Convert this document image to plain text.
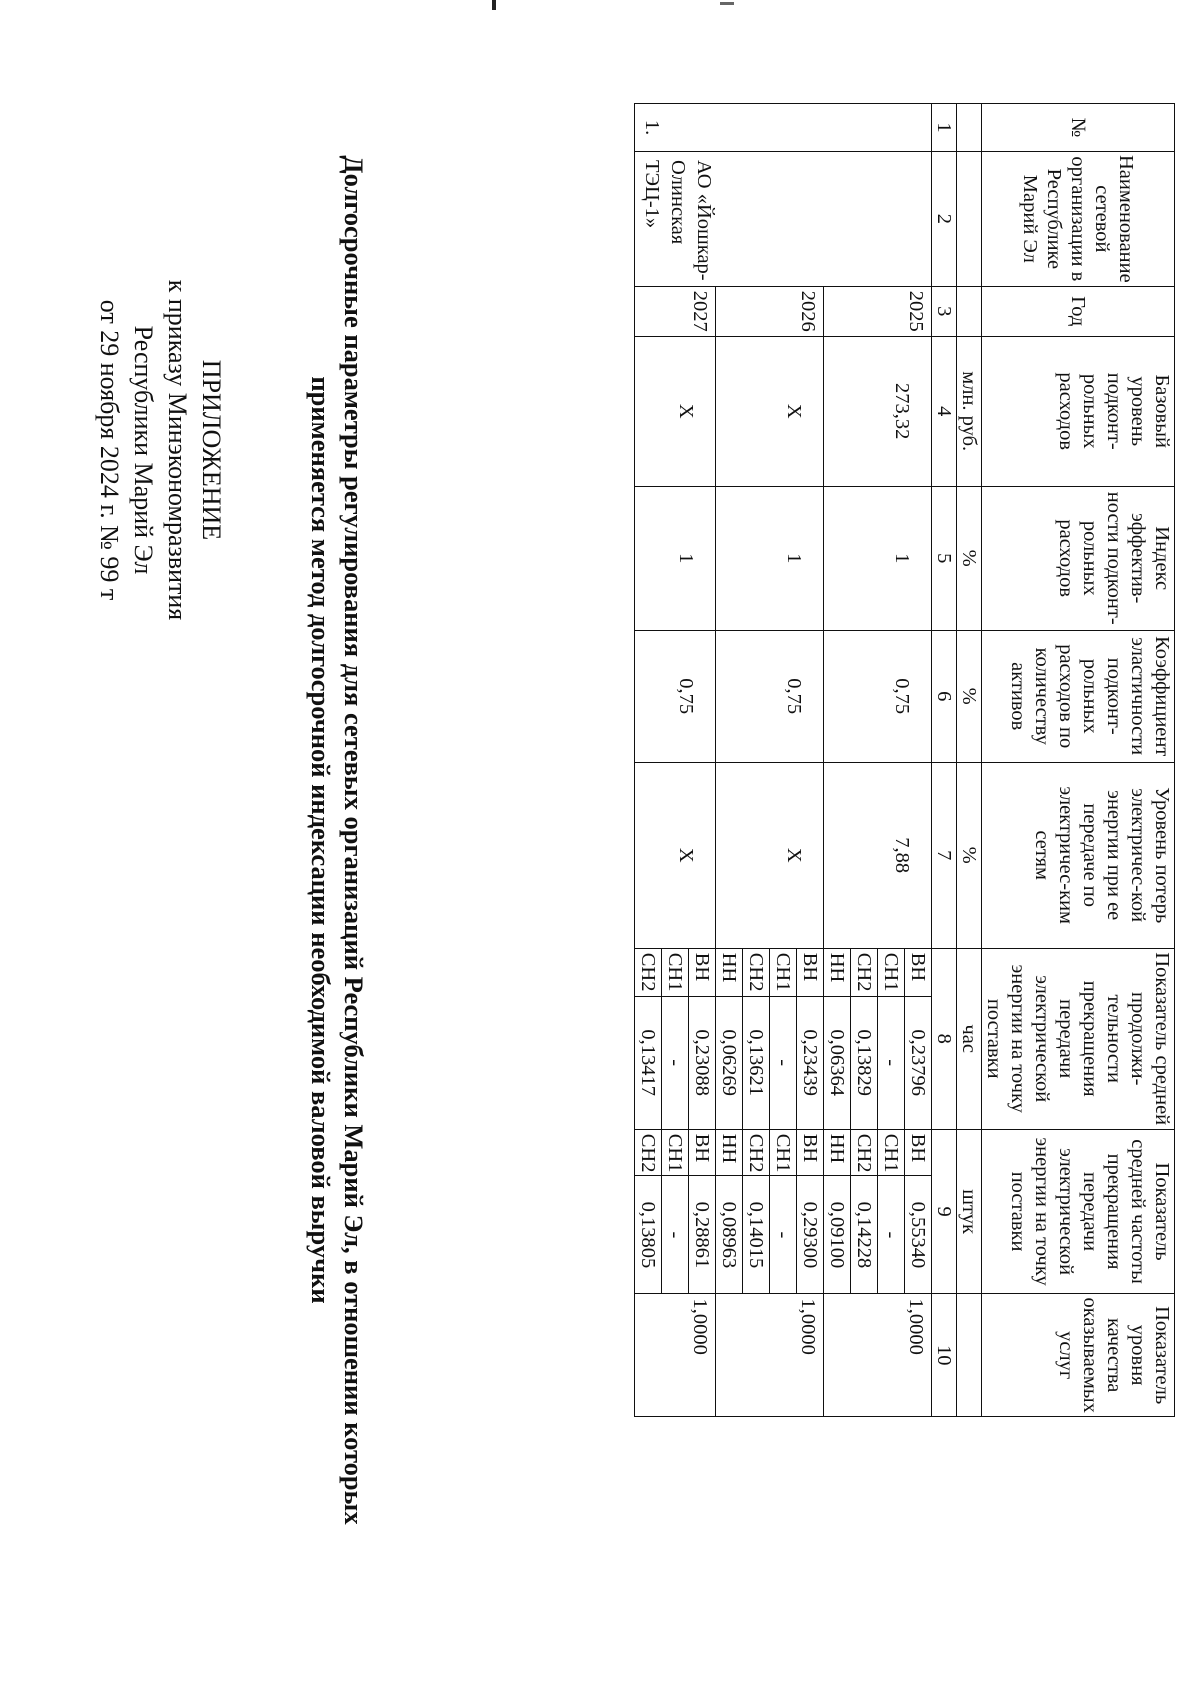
ПРИЛОЖЕНИЕ
к приказу Минэкономразвития
Республики Марий Эл
от 29 ноября 2024 г. № 99 т	Долгосрочные параметры регулирования для сетевых организаций Республики Марий Эл, в отношении которых
применяется метод долгосрочной индексации необходимой валовой выручки
№	Наименование сетевой организации в Республике Марий Эл	Год	Базовый уровень подконт-рольных расходов	Индекс эффектив-ности подконт-рольных расходов	Коэффициент эластичности подконт-рольных расходов по количеству активов	Уровень потерь электричес-кой энергии при ее передаче по электричес-ким сетям	Показатель средней продолжи-тельности прекращения передачи электрической энергии на точку поставки		Показатель средней частоты прекращения передачи электрической энергии на точку поставки		Показатель уровня качества оказываемых услуг
			млн. руб.	%	%	%	час		штук		
1	2	3	4	5	6	7	8		9		10
1.	АО «Йошкар-Олинская ТЭЦ-1»	2025	273,32	1	0,75	7,88	ВН	0,23796	ВН	0,55340	1,0000
							СН1	-	СН1	-	
							СН2	0,13829	СН2	0,14228	
							НН	0,06364	НН	0,09100	
		2026	Х	1	0,75	Х	ВН	0,23439	ВН	0,29300	1,0000
							СН1	-	СН1	-	
							СН2	0,13621	СН2	0,14015	
							НН	0,06269	НН	0,08963	
		2027	Х	1	0,75	Х	ВН	0,23088	ВН	0,28861	1,0000
							СН1	-	СН1	-	
							СН2	0,13417	СН2	0,13805	
